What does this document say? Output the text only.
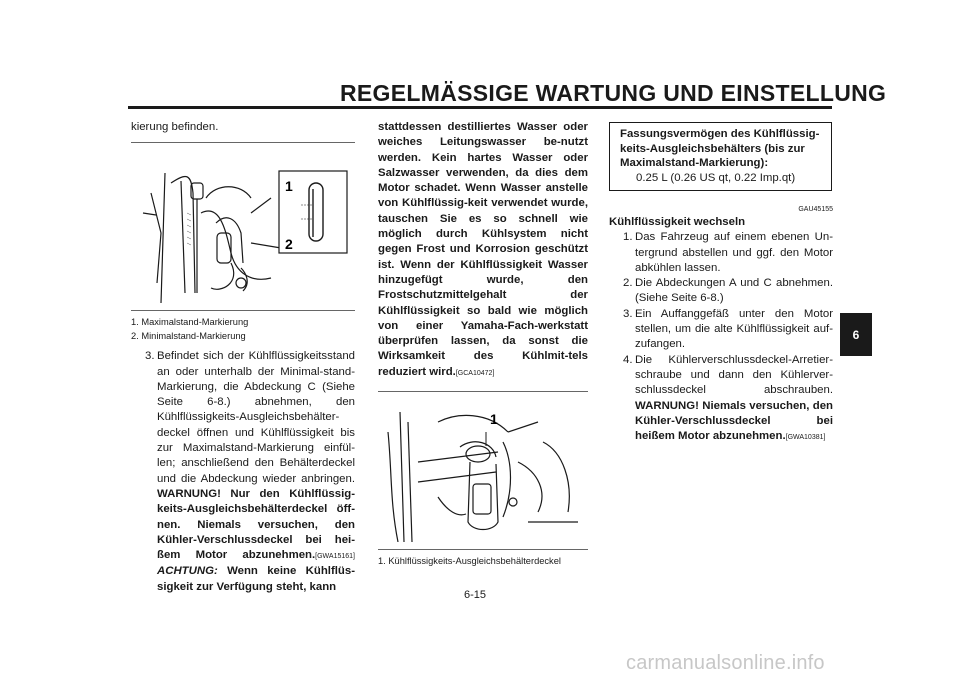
REGELMÄSSIGE WARTUNG UND EINSTELLUNG
6
kierung befinden.
1
2
1. Maximalstand-Markierung
2. Minimalstand-Markierung
3. Befindet sich der Kühlflüssigkeitsstand an oder unterhalb der Minimal-stand-Markierung, die Abdeckung C (Siehe Seite 6-8.) abnehmen, den Kühlflüssigkeits-Ausgleichsbehälter-deckel öffnen und Kühlflüssigkeit bis zur Maximalstand-Markierung einfül-len; anschließend den Behälterdeckel und die Abdeckung wieder anbringen. WARNUNG! Nur den Kühlflüssig-keits-Ausgleichsbehälterdeckel öff-nen. Niemals versuchen, den Kühler-Verschlussdeckel bei hei-ßem Motor abzunehmen.[GWA15161] ACHTUNG: Wenn keine Kühlflüs-sigkeit zur Verfügung steht, kann
stattdessen destilliertes Wasser oder weiches Leitungswasser be-nutzt werden. Kein hartes Wasser oder Salzwasser verwenden, da dies dem Motor schadet. Wenn Wasser anstelle von Kühlflüssig-keit verwendet wurde, tauschen Sie es so schnell wie möglich durch Kühlsystem nicht gegen Frost und Korrosion geschützt ist. Wenn der Kühlflüssigkeit Wasser hinzugefügt wurde, den Frostschutzmittelgehalt der Kühlflüssigkeit so bald wie möglich von einer Yamaha-Fach-werkstatt überprüfen lassen, da sonst die Wirksamkeit des Kühlmit-tels reduziert wird.[GCA10472]
1
1. Kühlflüssigkeits-Ausgleichsbehälterdeckel
Fassungsvermögen des Kühlflüssig-keits-Ausgleichsbehälters (bis zur Maximalstand-Markierung):
0.25 L (0.26 US qt, 0.22 Imp.qt)
GAU45155
Kühlflüssigkeit wechseln
1. Das Fahrzeug auf einem ebenen Un-tergrund abstellen und ggf. den Motor abkühlen lassen.
2. Die Abdeckungen A und C abnehmen. (Siehe Seite 6-8.)
3. Ein Auffanggefäß unter den Motor stellen, um die alte Kühlflüssigkeit auf-zufangen.
4. Die Kühlerverschlussdeckel-Arretier-schraube und dann den Kühlerver-schlussdeckel abschrauben. WARNUNG! Niemals versuchen, den Kühler-Verschlussdeckel bei heißem Motor abzunehmen.[GWA10381]
6-15
carmanualsonline.info
